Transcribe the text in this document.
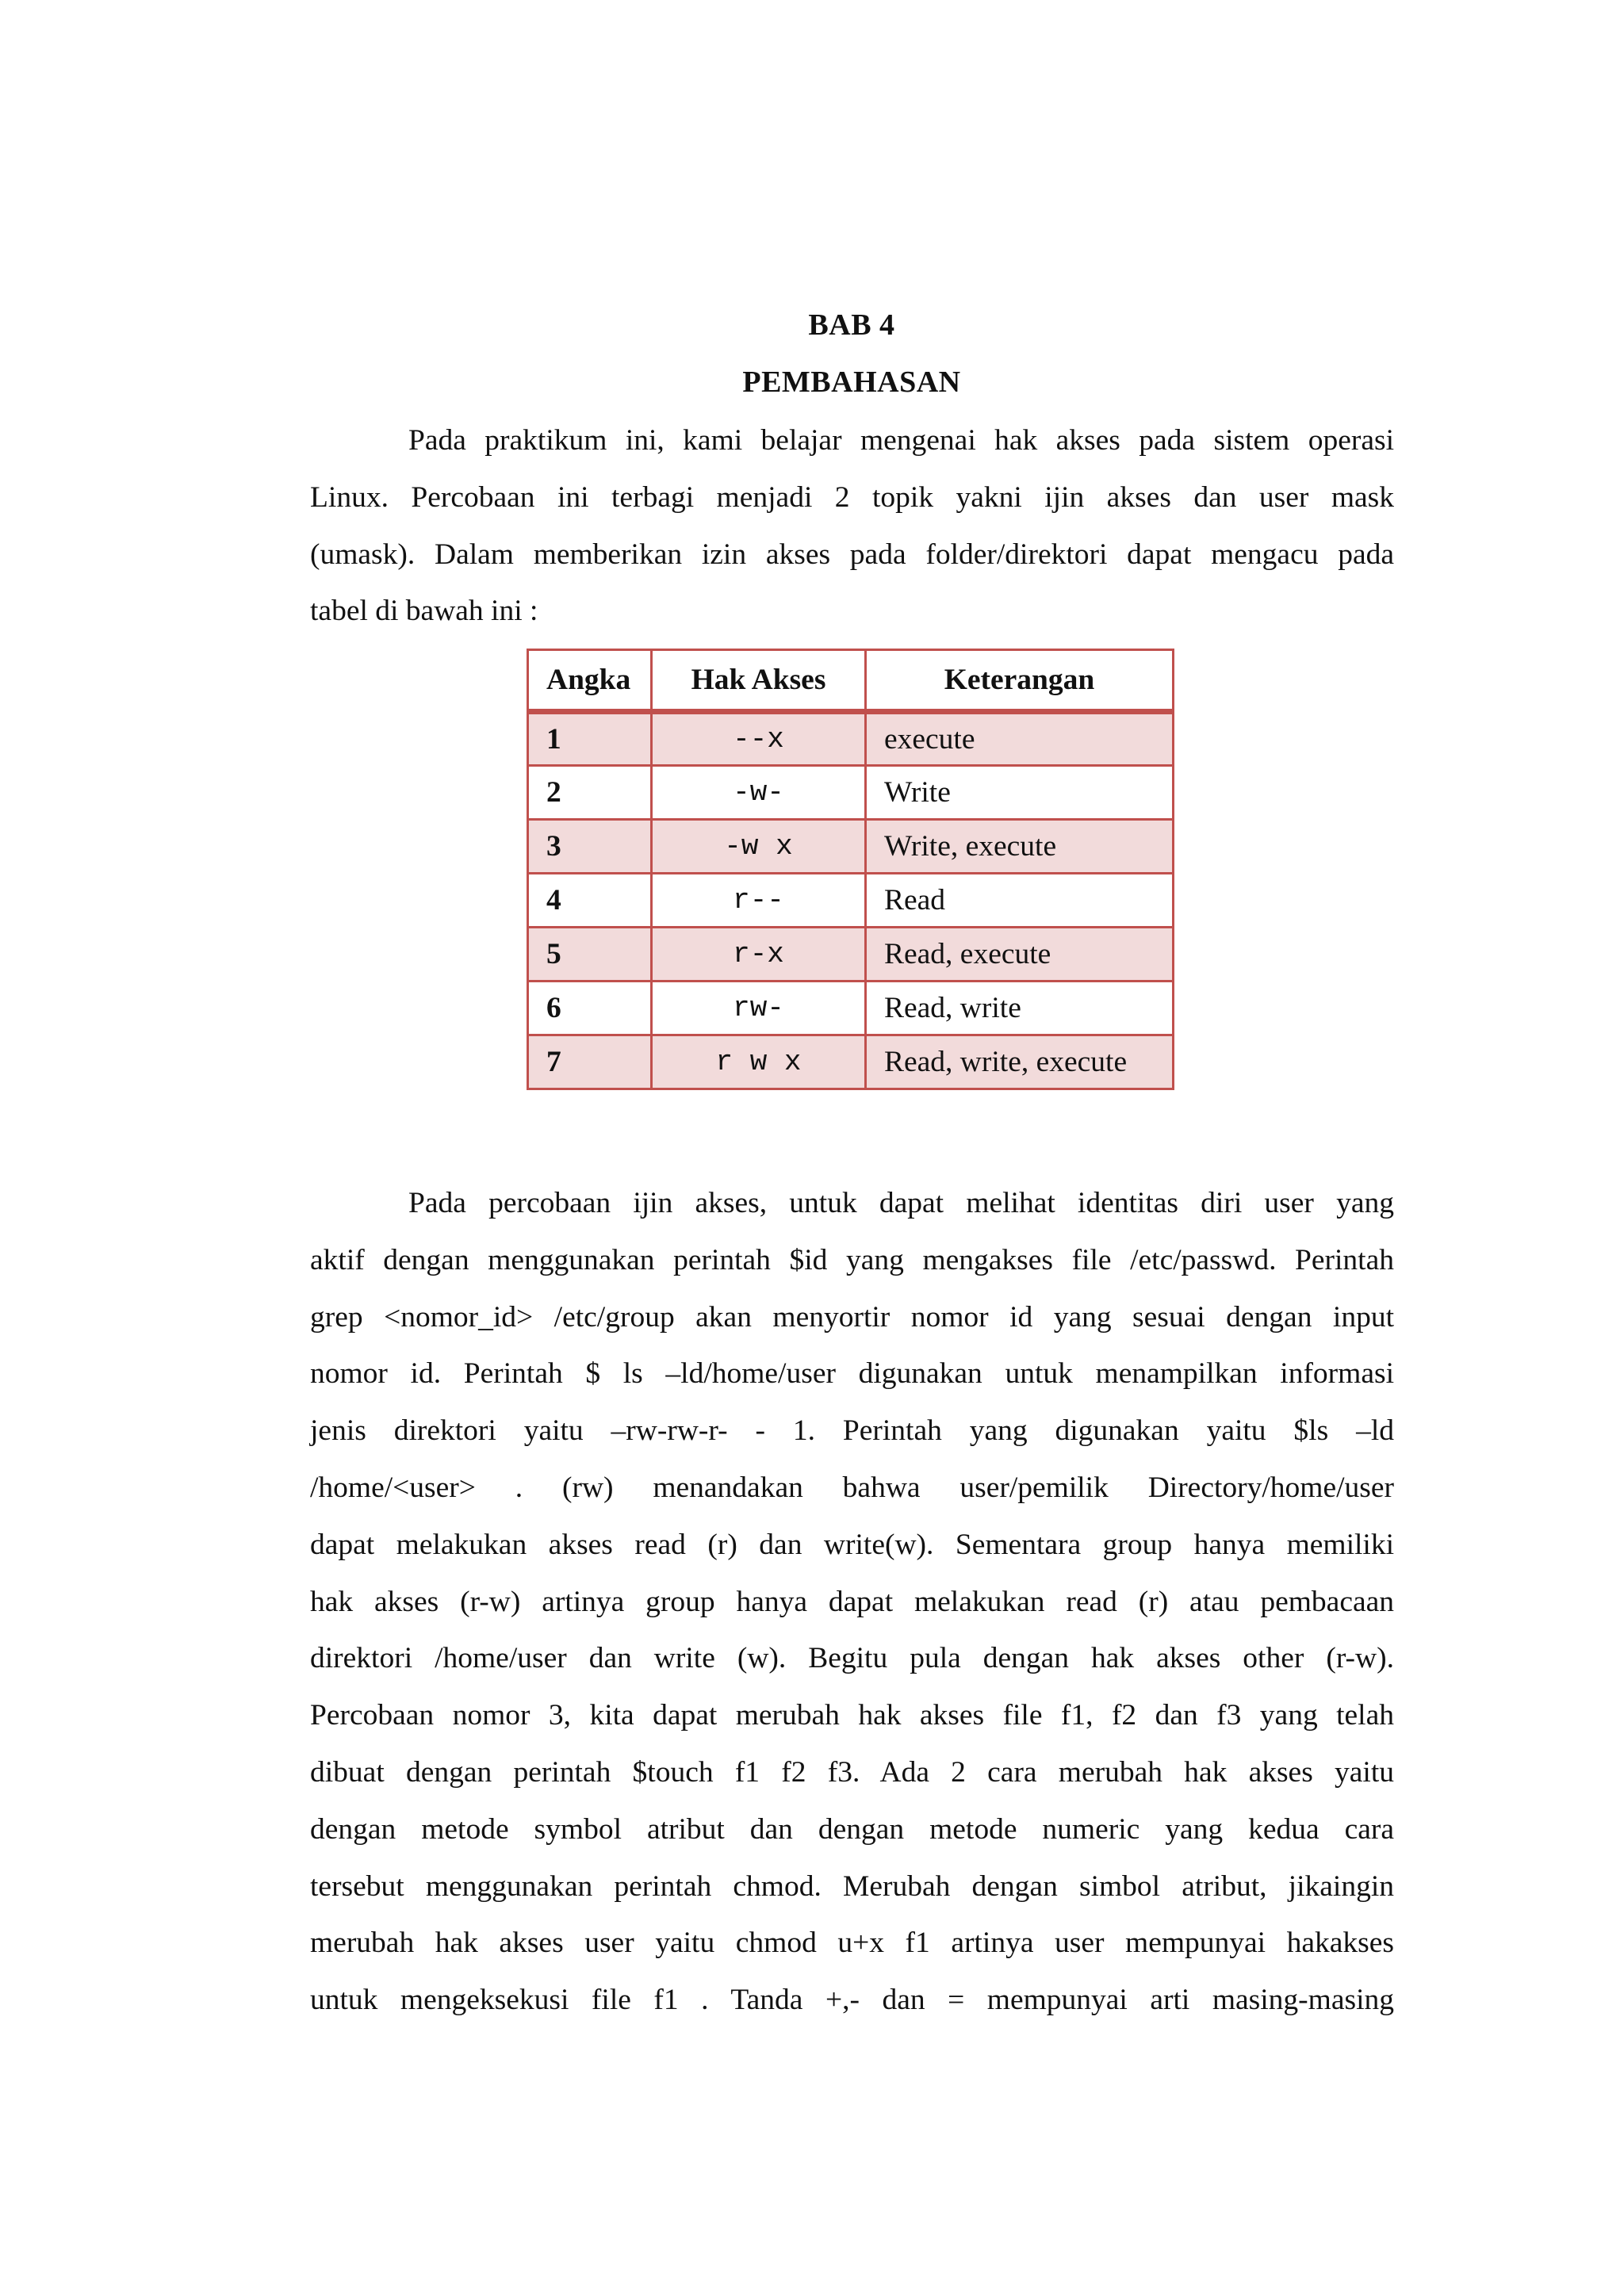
BAB 4
PEMBAHASAN
Pada praktikum ini, kami belajar mengenai hak akses pada sistem operasi
Linux. Percobaan ini terbagi menjadi 2 topik yakni ijin akses dan user mask
(umask). Dalam memberikan izin akses pada folder/direktori dapat mengacu pada
tabel di bawah ini :
Angka	Hak Akses	Keterangan
1	--x	execute
2	-w-	Write
3	-w x	Write, execute
4	r--	Read
5	r-x	Read, execute
6	rw-	Read, write
7	r w x	Read, write, execute
Pada percobaan ijin akses, untuk dapat melihat identitas diri user yang
aktif dengan menggunakan perintah $id yang mengakses file /etc/passwd. Perintah
grep <nomor_id> /etc/group akan menyortir nomor id yang sesuai dengan input
nomor id. Perintah $ ls –ld/home/user digunakan untuk menampilkan informasi
jenis direktori yaitu –rw-rw-r- - 1. Perintah yang digunakan yaitu $ls –ld
/home/<user> . (rw) menandakan bahwa user/pemilik Directory/home/user
dapat melakukan akses read (r) dan write(w). Sementara group hanya memiliki
hak akses (r-w) artinya group hanya dapat melakukan read (r) atau pembacaan
direktori /home/user dan write (w). Begitu pula dengan hak akses other (r-w).
Percobaan nomor 3, kita dapat merubah hak akses file f1, f2 dan f3 yang telah
dibuat dengan perintah $touch f1 f2 f3. Ada 2 cara merubah hak akses yaitu
dengan metode symbol atribut dan dengan metode numeric yang kedua cara
tersebut menggunakan perintah chmod. Merubah dengan simbol atribut, jikaingin
merubah hak akses user yaitu chmod u+x f1 artinya user mempunyai hakakses
untuk mengeksekusi file f1 . Tanda +,- dan = mempunyai arti masing-masing
